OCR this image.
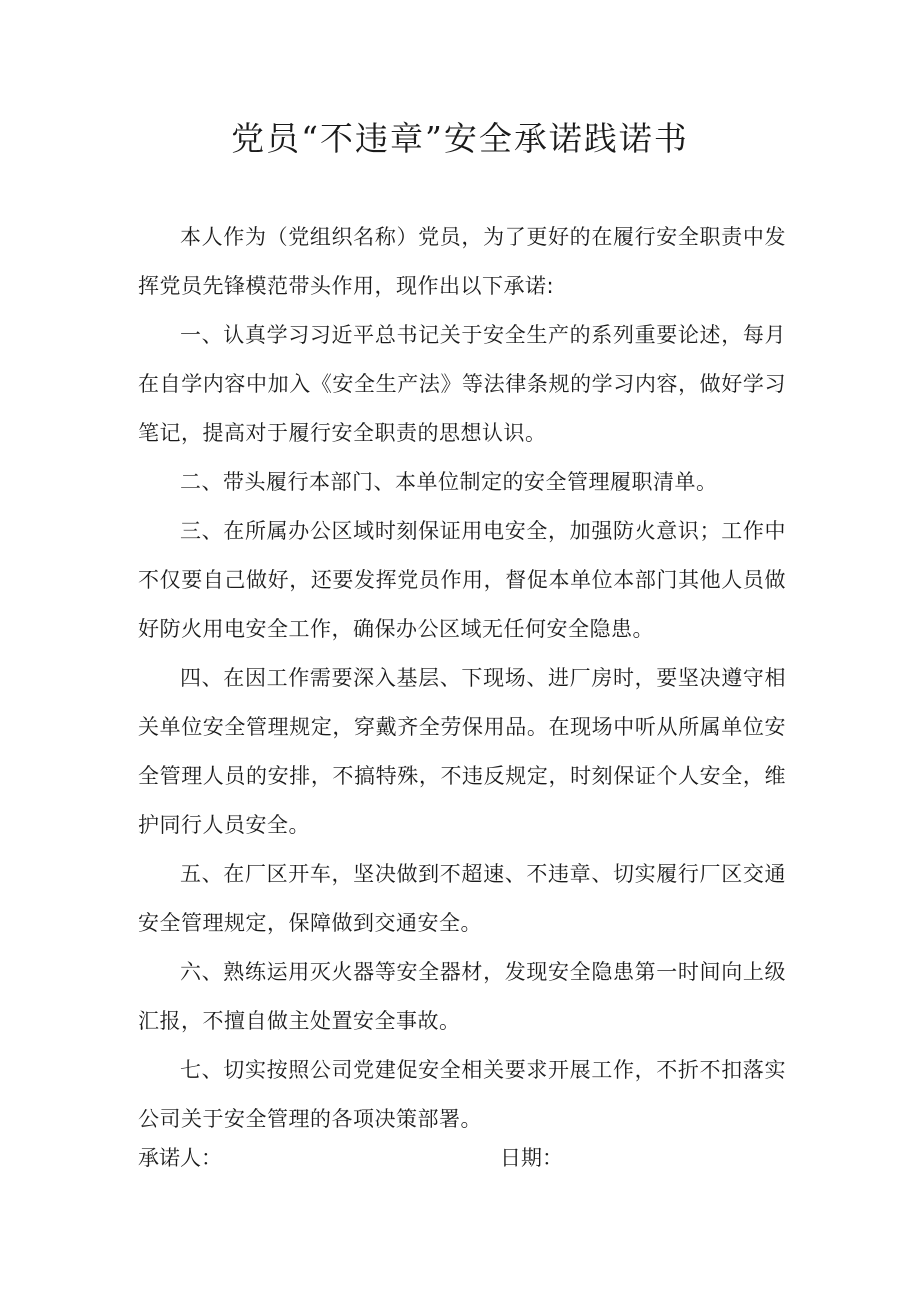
党员“不违章”安全承诺践诺书

本人作为（党组织名称）党员，为了更好的在履行安全职责中发挥党员先锋模范带头作用，现作出以下承诺:

一、认真学习习近平总书记关于安全生产的系列重要论述，每月在自学内容中加入《安全生产法》等法律条规的学习内容，做好学习笔记，提高对于履行安全职责的思想认识。

二、带头履行本部门、本单位制定的安全管理履职清单。

三、在所属办公区域时刻保证用电安全，加强防火意识；工作中不仅要自己做好，还要发挥党员作用，督促本单位本部门其他人员做好防火用电安全工作，确保办公区域无任何安全隐患。

四、在因工作需要深入基层、下现场、进厂房时，要坚决遵守相关单位安全管理规定，穿戴齐全劳保用品。在现场中听从所属单位安全管理人员的安排，不搞特殊，不违反规定，时刻保证个人安全，维护同行人员安全。

五、在厂区开车，坚决做到不超速、不违章、切实履行厂区交通安全管理规定，保障做到交通安全。

六、熟练运用灭火器等安全器材，发现安全隐患第一时间向上级汇报，不擅自做主处置安全事故。

七、切实按照公司党建促安全相关要求开展工作，不折不扣落实公司关于安全管理的各项决策部署。

承诺人：	日期：
